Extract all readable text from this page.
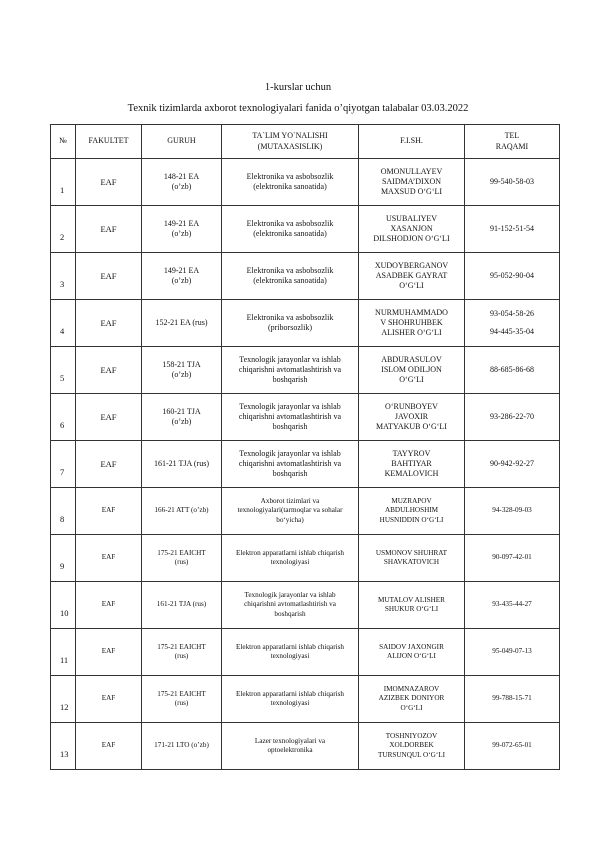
1-kurslar uchun
Texnik tizimlarda axborot texnologiyalari fanida o’qiyotgan talabalar 03.03.2022
№	FAKULTET	GURUH	TA`LIM YO`NALISHI (MUTAXASISLIK)	F.I.SH.	TEL RAQAMI
1	EAF	148-21 EA
(o’zb)	Elektronika va asbobsozlik
(elektronika sanoatida)	OMONULLAYEV
SAIDMA’DIXON
MAXSUD O‘G‘LI	99-540-58-03

2	EAF	149-21 EA
(o’zb)	Elektronika va asbobsozlik
(elektronika sanoatida)	USUBALIYEV
XASANJON
DILSHODJON O‘G‘LI	91-152-51-54

3	EAF	149-21 EA
(o’zb)	Elektronika va asbobsozlik
(elektronika sanoatida)	XUDOYBERGANOV
ASADBEK GAYRAT
O‘G‘LI	95-052-90-04

4	EAF	152-21 EA (rus)	Elektronika va asbobsozlik
(priborsozlik)	NURMUHAMMADO
V SHOHRUHBEK
ALISHER O‘G‘LI	93-054-58-26
94-445-35-04

5	EAF	158-21 TJA
(o’zb)	Texnologik jarayonlar va ishlab
chiqarishni avtomatlashtirish va
boshqarish	ABDURASULOV
ISLOM ODILJON
O‘G‘LI	88-685-86-68

6	EAF	160-21 TJA
(o’zb)	Texnologik jarayonlar va ishlab
chiqarishni avtomatlashtirish va
boshqarish	O‘RUNBOYEV
JAVOXIR
MATYAKUB O‘G‘LI	93-286-22-70

7	EAF	161-21 TJA (rus)	Texnologik jarayonlar va ishlab
chiqarishni avtomatlashtirish va
boshqarish	TAYYROV
BAHTIYAR
KEMALOVICH	90-942-92-27

8	EAF	166-21 ATT (o’zb)	Axborot tizimlari va
texnologiyalari(tarmoqlar va sohalar
bo‘yicha)	MUZRAPOV
ABDULHOSHIM
HUSNIDDIN O‘G‘LI	94-328-09-03

9	EAF	175-21 EAICHT
(rus)	Elektron apparatlarni ishlab chiqarish
texnologiyasi	USMONOV SHUHRAT
SHAVKATOVICH	90-097-42-01

10	EAF	161-21 TJA (rus)	Texnologik jarayonlar va ishlab
chiqarishni avtomatlashtirish va
boshqarish	MUTALOV ALISHER
SHUKUR O‘G‘LI	93-435-44-27

11	EAF	175-21 EAICHT
(rus)	Elektron apparatlarni ishlab chiqarish
texnologiyasi	SAIDOV JAXONGIR
ALIJON O‘G‘LI	95-049-07-13

12	EAF	175-21 EAICHT
(rus)	Elektron apparatlarni ishlab chiqarish
texnologiyasi	IMOMNAZAROV
AZIZBEK DONIYOR
O‘G‘LI	99-788-15-71

13	EAF	171-21 LTO (o’zb)	Lazer texnologiyalari va
optoelektronika	TOSHNIYOZOV
XOLDORBEK
TURSUNQUL O‘G‘LI	99-072-65-01
